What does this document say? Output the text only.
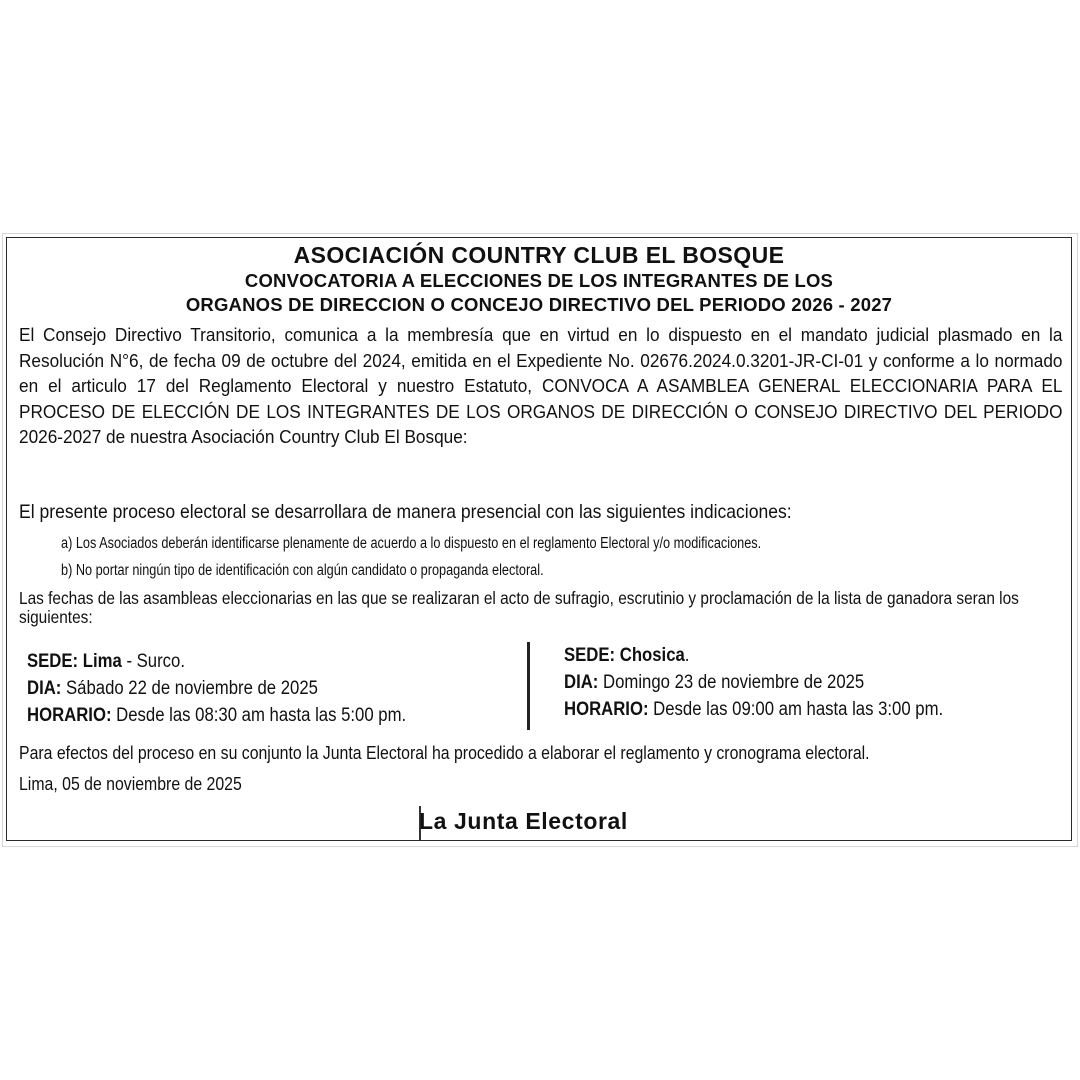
ASOCIACIÓN COUNTRY CLUB EL BOSQUE
CONVOCATORIA A ELECCIONES DE LOS INTEGRANTES DE LOS
ORGANOS DE DIRECCION O CONCEJO DIRECTIVO DEL PERIODO 2026 - 2027
El Consejo Directivo Transitorio, comunica a la membresía que en virtud en lo dispuesto en el mandato judicial plasmado en la Resolución N°6, de fecha 09 de octubre del 2024, emitida en el Expediente No. 02676.2024.0.3201-JR-CI-01 y conforme a lo normado en el articulo 17 del Reglamento Electoral y nuestro Estatuto, CONVOCA A ASAMBLEA GENERAL ELECCIONARIA PARA EL PROCESO DE ELECCIÓN DE LOS INTEGRANTES DE LOS ORGANOS DE DIRECCIÓN O CONSEJO DIRECTIVO DEL PERIODO 2026-2027 de nuestra Asociación Country Club El Bosque:
El presente proceso electoral se desarrollara de manera presencial con las siguientes indicaciones:
a) Los Asociados deberán identificarse plenamente de acuerdo a lo dispuesto en el reglamento Electoral y/o modificaciones.
b) No portar ningún tipo de identificación con algún candidato o propaganda electoral.
Las fechas de las asambleas eleccionarias en las que se realizaran el acto de sufragio, escrutinio y proclamación de la lista de ganadora seran los siguientes:
SEDE: Lima - Surco.
DIA: Sábado 22 de noviembre de 2025
HORARIO: Desde las 08:30 am hasta las 5:00 pm.
SEDE: Chosica.
DIA: Domingo 23 de noviembre de 2025
HORARIO: Desde las 09:00 am hasta las 3:00 pm.
Para efectos del proceso en su conjunto la Junta Electoral ha procedido a elaborar el reglamento y cronograma electoral.
Lima, 05 de noviembre de 2025
La Junta Electoral
